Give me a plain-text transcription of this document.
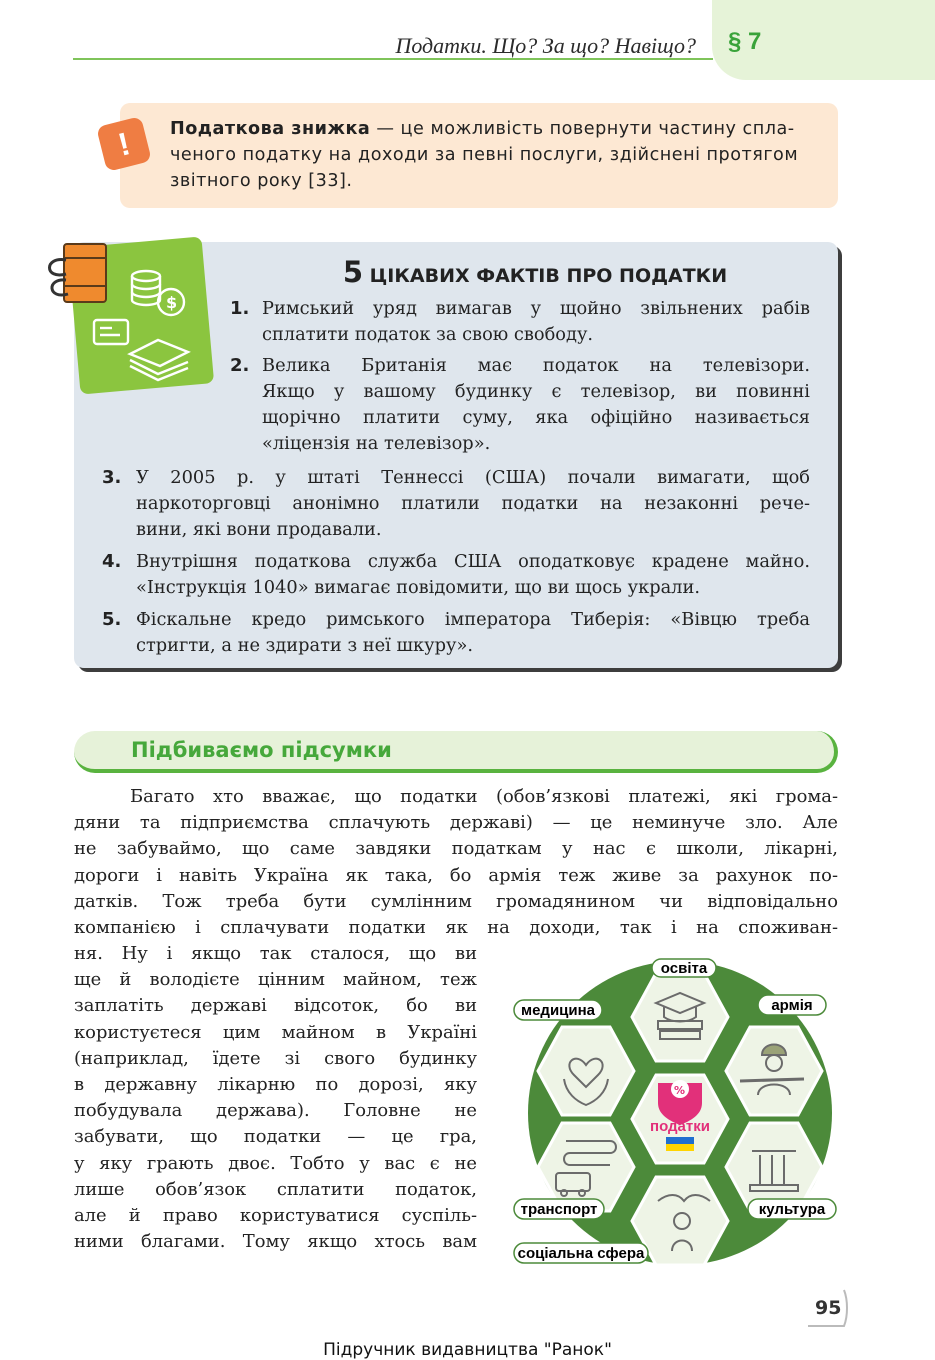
Податки. Що? За що? Навіщо? § 7
!	Податкова знижка — це можливість повернути частину спла-
ченого податку на доходи за певні послуги, здійснені протягом
звітного року [33].
$
5 ЦІКАВИХ ФАКТІВ ПРО ПОДАТКИ
1. Римський уряд вимагав у щойно звільнених рабів
сплатити податок за свою свободу.
2. Велика Британія має податок на телевізори.
Якщо у вашому будинку є телевізор, ви повинні
щорічно платити суму, яка офіційно називається
«ліцензія на телевізор».
3. У 2005 р. у штаті Теннессі (США) почали вимагати, щоб
наркоторговці анонімно платили податки на незаконні рече-
вини, які вони продавали.
4. Внутрішня податкова служба США оподатковує крадене майно.
«Інструкція 1040» вимагає повідомити, що ви щось украли.
5. Фіскальне кредо римського імператора Тиберія: «Вівцю треба
стригти, а не здирати з неї шкуру».
Підбиваємо підсумки
Багато хто вважає, що податки (обов’язкові платежі, які грома-
дяни та підприємства сплачують державі) — це неминуче зло. Але
не забуваймо, що саме завдяки податкам у нас є школи, лікарні,
дороги і навіть Україна як така, бо армія теж живе за рахунок по-
датків. Тож треба бути сумлінним громадянином чи відповідально
компанією і сплачувати податки як на доходи, так і на споживан-
ня. Ну і якщо так сталося, що ви
ще й володієте цінним майном, теж
заплатіть державі відсоток, бо ви
користуєтеся цим майном в Україні
(наприклад, їдете зі свого будинку
в державну лікарню по дорозі, яку
побудувала держава). Головне не
забувати, що податки — це гра,
у яку грають двоє. Тобто у вас є не
лише обов’язок сплатити податок,
але й право користуватися суспіль-
ними благами. Тому якщо хтось вам
%
податки
освіта
медицина	армія
транспорт	культура
соціальна сфера
95
Підручник видавництва "Ранок"
